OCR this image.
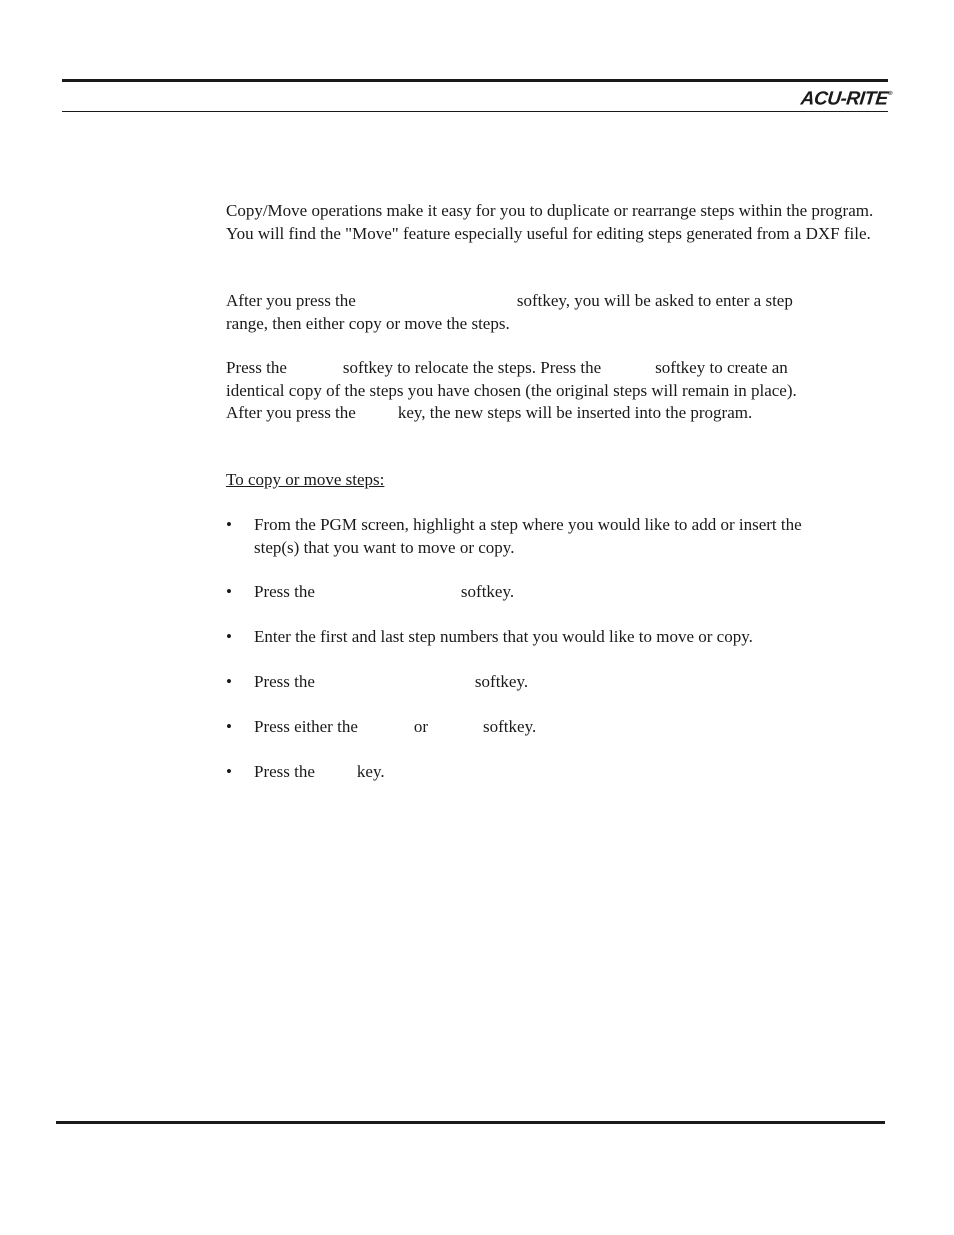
ACU-RITE®

Copy/Move operations make it easy for you to duplicate or rearrange steps within the program. You will find the "Move" feature especially useful for editing steps generated from a DXF file.

After you press the	softkey, you will be asked to enter a step
range, then either copy or move the steps.
Press the	softkey to relocate the steps. Press the	softkey to create an
identical copy of the steps you have chosen (the original steps will remain in place).
After you press the key, the new steps will be inserted into the program.
To copy or move steps:
• From the PGM screen, highlight a step where you would like to add or insert the
step(s) that you want to move or copy.
• Press the	softkey.
• Enter the first and last step numbers that you would like to move or copy.
• Press the	softkey.
• Press either the	or	softkey.
• Press the key.
